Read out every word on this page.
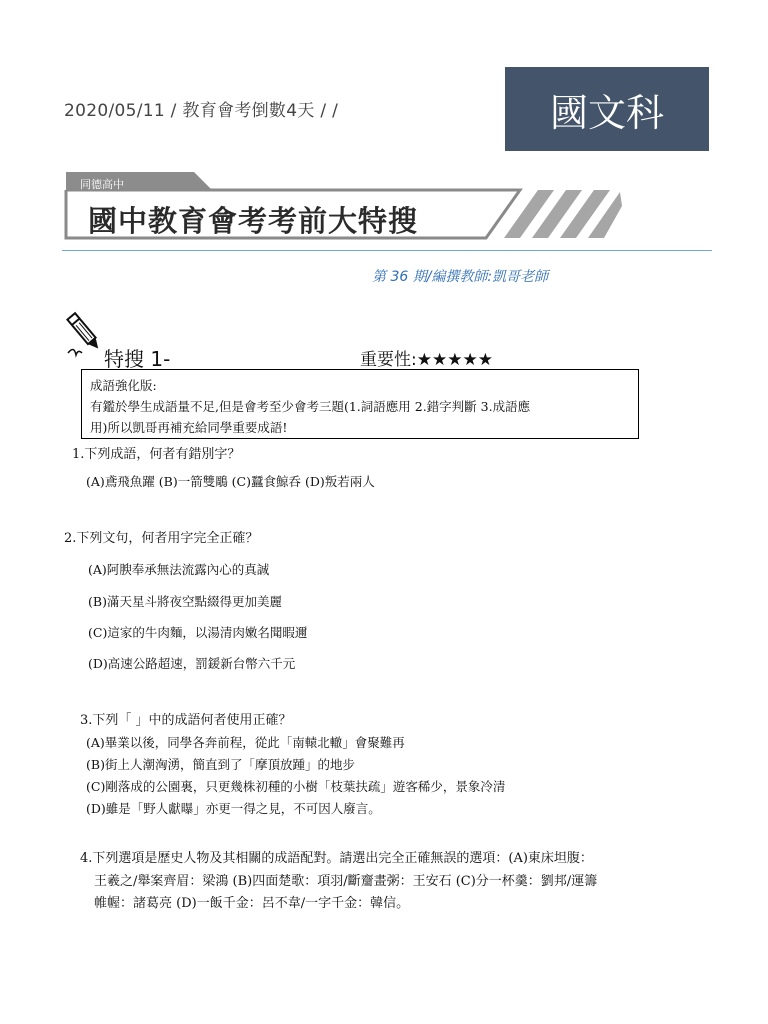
2020/05/11 / 教育會考倒數4天 / /	國文科
同德高中
國中教育會考考前大特搜
第 36 期/編撰教師:凱哥老師
特搜 1-	重要性:★★★★★
成語強化版:
有鑑於學生成語量不足,但是會考至少會考三題(1.詞語應用 2.錯字判斷 3.成語應
用)所以凱哥再補充給同學重要成語!
1.下列成語，何者有錯別字？
(A)鳶飛魚躍 (B)一箭雙鵰 (C)蠶食鯨呑 (D)叛若兩人
2.下列文句，何者用字完全正確？
(A)阿腴奉承無法流露內心的真誠
(B)滿天星斗將夜空點綴得更加美麗
(C)這家的牛肉麵，以湯清肉嫩名聞暇邇
(D)高速公路超速，罰鍰新台幣六千元
3.下列「 」中的成語何者使用正確？
(A)畢業以後，同學各奔前程，從此「南轅北轍」會聚難再
(B)街上人潮洶湧，簡直到了「摩頂放踵」的地步
(C)剛落成的公園裏，只更幾株初種的小樹「枝葉扶疏」遊客稀少，景象冷清
(D)雖是「野人獻曝」亦更一得之見，不可因人廢言。
4.下列選項是歷史人物及其相關的成語配對。請選出完全正確無誤的選項：(A)東床坦腹：
王羲之/舉案齊眉：梁鴻 (B)四面楚歌：項羽/斷齏畫粥：王安石 (C)分一杯羹：劉邦/運籌
帷幄：諸葛亮 (D)一飯千金：呂不韋/一字千金：韓信。
